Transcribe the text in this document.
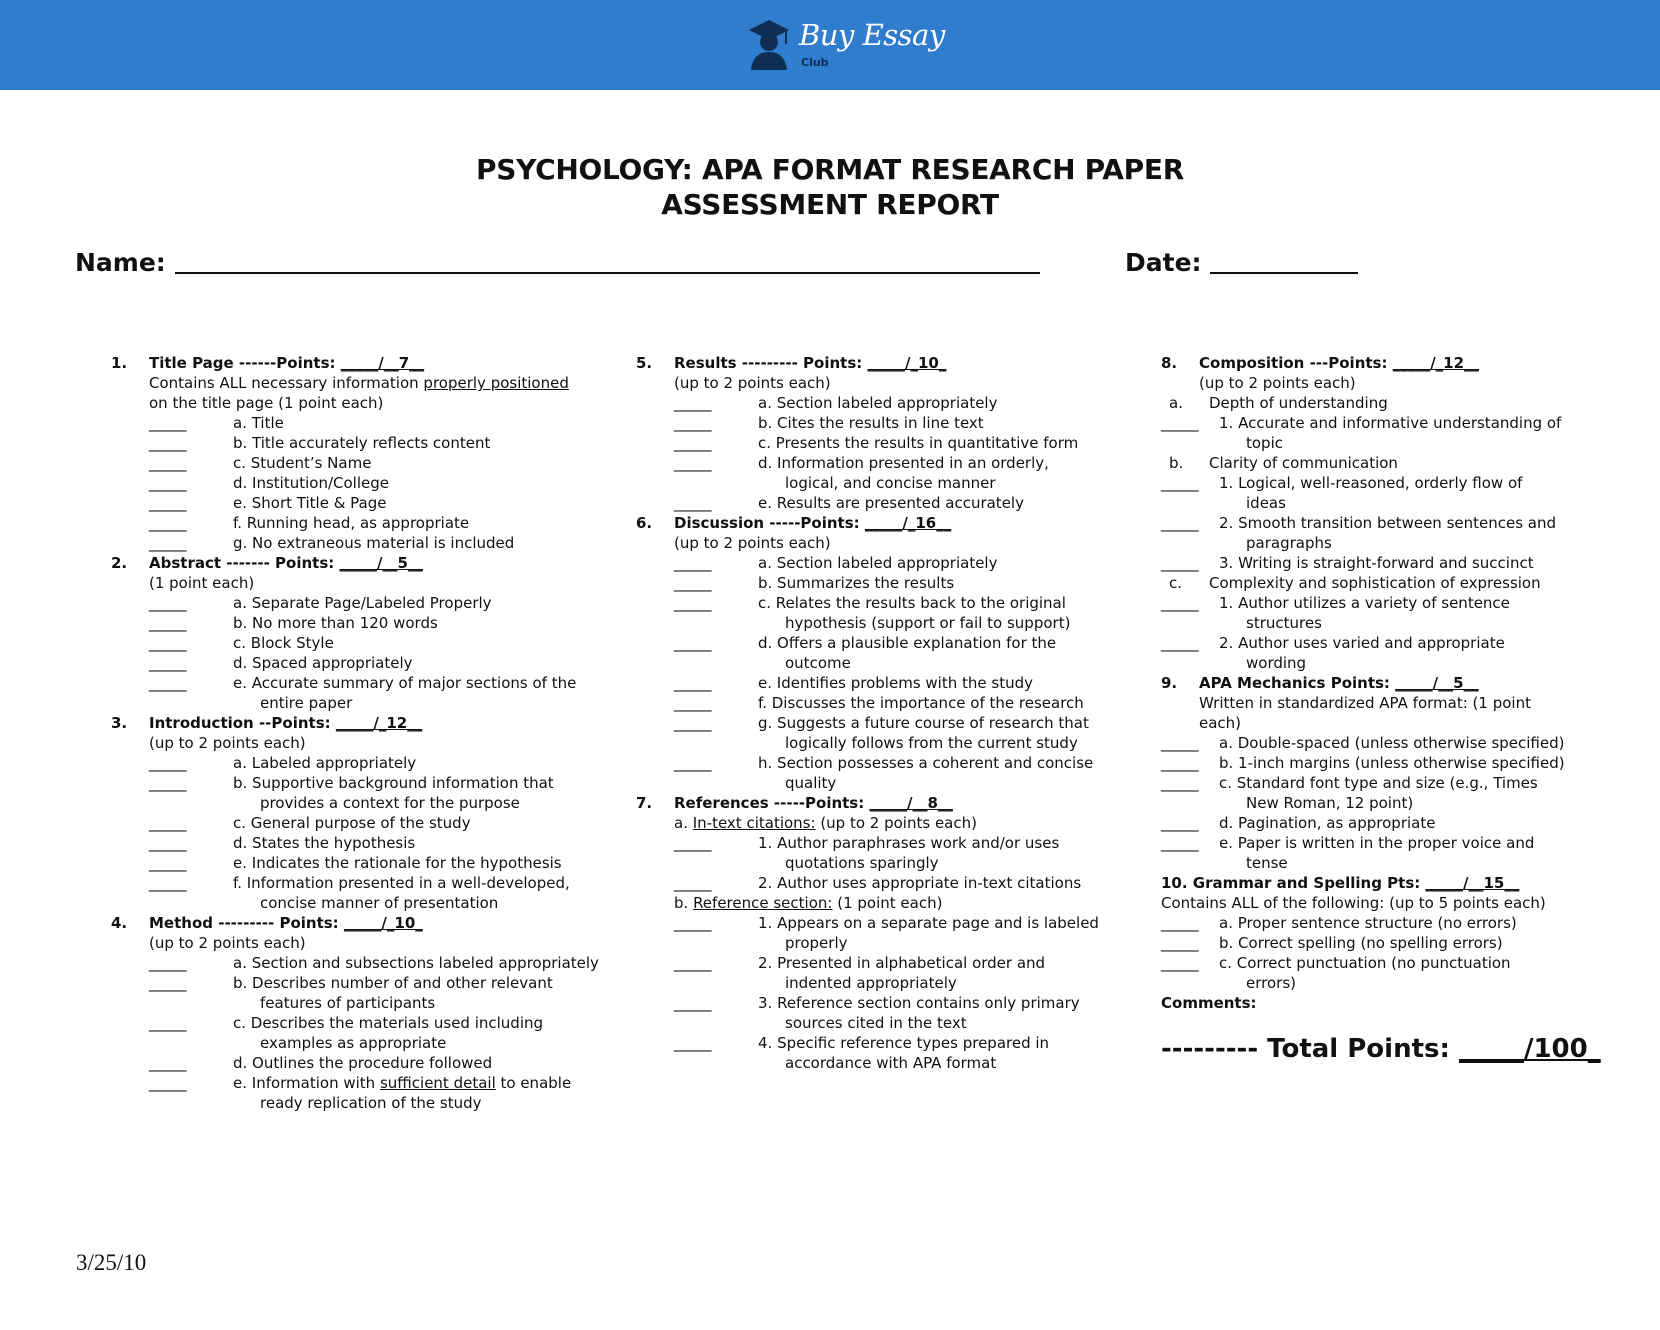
Buy Essay
Club
PSYCHOLOGY: APA FORMAT RESEARCH PAPER
ASSESSMENT REPORT
Name:	Date:
1. Title Page ------Points: _____/__7__
Contains ALL necessary information properly positioned
on the title page (1 point each)
_____	a. Title
_____	b. Title accurately reflects content
_____	c. Student’s Name
_____	d. Institution/College
_____	e. Short Title & Page
_____	f. Running head, as appropriate
_____	g. No extraneous material is included
2. Abstract ------- Points: _____/__5__
(1 point each)
_____	a. Separate Page/Labeled Properly
_____	b. No more than 120 words
_____	c. Block Style
_____	d. Spaced appropriately
_____	e. Accurate summary of major sections of the
entire paper
3. Introduction --Points: _____/_12__
(up to 2 points each)
_____	a. Labeled appropriately
_____	b. Supportive background information that
provides a context for the purpose
_____	c. General purpose of the study
_____	d. States the hypothesis
_____	e. Indicates the rationale for the hypothesis
_____	f. Information presented in a well-developed,
concise manner of presentation
4. Method --------- Points: _____/_10_
(up to 2 points each)
_____	a. Section and subsections labeled appropriately
_____	b. Describes number of and other relevant
features of participants
_____	c. Describes the materials used including
examples as appropriate
_____	d. Outlines the procedure followed
_____	e. Information with sufficient detail to enable
ready replication of the study
5. Results --------- Points: _____/_10_
(up to 2 points each)
_____	a. Section labeled appropriately
_____	b. Cites the results in line text
_____	c. Presents the results in quantitative form
_____	d. Information presented in an orderly,
logical, and concise manner
_____	e. Results are presented accurately
6. Discussion -----Points: _____/_16__
(up to 2 points each)
_____	a. Section labeled appropriately
_____	b. Summarizes the results
_____	c. Relates the results back to the original
hypothesis (support or fail to support)
_____	d. Offers a plausible explanation for the
outcome
_____	e. Identifies problems with the study
_____	f. Discusses the importance of the research
_____	g. Suggests a future course of research that
logically follows from the current study
_____	h. Section possesses a coherent and concise
quality
7. References -----Points: _____/__8__
a. In-text citations: (up to 2 points each)
_____	1. Author paraphrases work and/or uses
quotations sparingly
_____	2. Author uses appropriate in-text citations
b. Reference section: (1 point each)
_____	1. Appears on a separate page and is labeled
properly
_____	2. Presented in alphabetical order and
indented appropriately
_____	3. Reference section contains only primary
sources cited in the text
_____	4. Specific reference types prepared in
accordance with APA format
8. Composition ---Points: _____/_12__
(up to 2 points each)
a. Depth of understanding
_____ 1. Accurate and informative understanding of
topic
b. Clarity of communication
_____ 1. Logical, well-reasoned, orderly flow of
ideas
_____ 2. Smooth transition between sentences and
paragraphs
_____ 3. Writing is straight-forward and succinct
c. Complexity and sophistication of expression
_____ 1. Author utilizes a variety of sentence
structures
_____ 2. Author uses varied and appropriate
wording
9. APA Mechanics Points: _____/__5__
Written in standardized APA format: (1 point
each)
_____ a. Double-spaced (unless otherwise specified)
_____ b. 1-inch margins (unless otherwise specified)
_____ c. Standard font type and size (e.g., Times
New Roman, 12 point)
_____ d. Pagination, as appropriate
_____ e. Paper is written in the proper voice and
tense
10. Grammar and Spelling Pts: _____/__15__
Contains ALL of the following: (up to 5 points each)
_____ a. Proper sentence structure (no errors)
_____ b. Correct spelling (no spelling errors)
_____ c. Correct punctuation (no punctuation
errors)
Comments:
--------- Total Points: _____/100_
3/25/10
